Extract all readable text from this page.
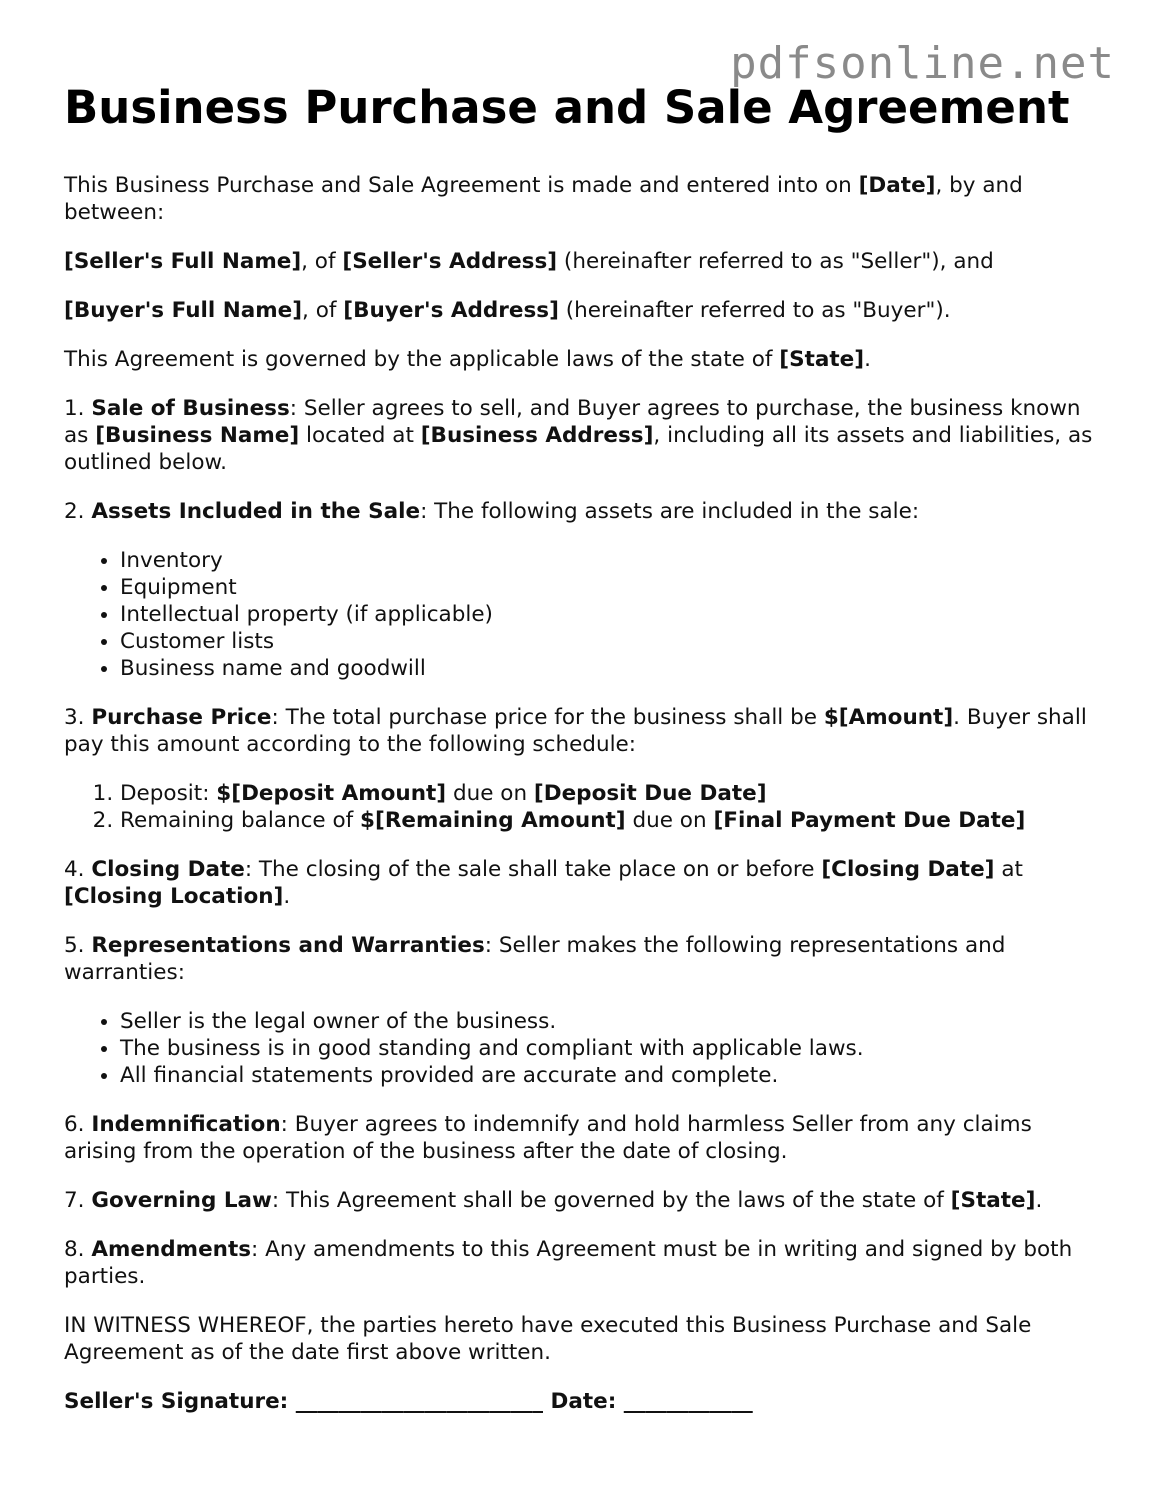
pdfsonline.net
Business Purchase and Sale Agreement

This Business Purchase and Sale Agreement is made and entered into on [Date], by and between:

[Seller's Full Name], of [Seller's Address] (hereinafter referred to as "Seller"), and

[Buyer's Full Name], of [Buyer's Address] (hereinafter referred to as "Buyer").

This Agreement is governed by the applicable laws of the state of [State].

1. Sale of Business: Seller agrees to sell, and Buyer agrees to purchase, the business known as [Business Name] located at [Business Address], including all its assets and liabilities, as outlined below.

2. Assets Included in the Sale: The following assets are included in the sale:

• Inventory
• Equipment
• Intellectual property (if applicable)
• Customer lists
• Business name and goodwill

3. Purchase Price: The total purchase price for the business shall be $[Amount]. Buyer shall pay this amount according to the following schedule:

1. Deposit: $[Deposit Amount] due on [Deposit Due Date]
2. Remaining balance of $[Remaining Amount] due on [Final Payment Due Date]

4. Closing Date: The closing of the sale shall take place on or before [Closing Date] at [Closing Location].

5. Representations and Warranties: Seller makes the following representations and warranties:

• Seller is the legal owner of the business.
• The business is in good standing and compliant with applicable laws.
• All financial statements provided are accurate and complete.

6. Indemnification: Buyer agrees to indemnify and hold harmless Seller from any claims arising from the operation of the business after the date of closing.

7. Governing Law: This Agreement shall be governed by the laws of the state of [State].

8. Amendments: Any amendments to this Agreement must be in writing and signed by both parties.

IN WITNESS WHEREOF, the parties hereto have executed this Business Purchase and Sale Agreement as of the date first above written.

Seller's Signature: _______________________ Date: ____________
